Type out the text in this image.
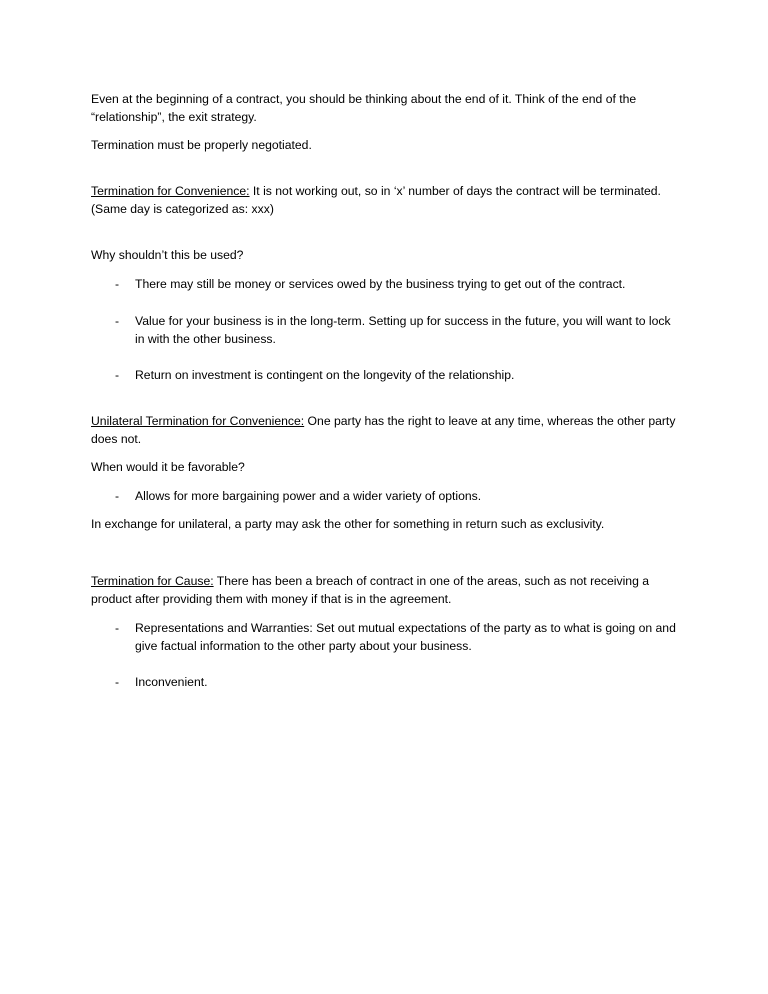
Even at the beginning of a contract, you should be thinking about the end of it. Think of the end of the “relationship”, the exit strategy.

Termination must be properly negotiated.

Termination for Convenience: It is not working out, so in ‘x’ number of days the contract will be terminated. (Same day is categorized as: xxx)

Why shouldn’t this be used?

- There may still be money or services owed by the business trying to get out of the contract.
- Value for your business is in the long-term. Setting up for success in the future, you will want to lock in with the other business.
- Return on investment is contingent on the longevity of the relationship.

Unilateral Termination for Convenience: One party has the right to leave at any time, whereas the other party does not.

When would it be favorable?

- Allows for more bargaining power and a wider variety of options.

In exchange for unilateral, a party may ask the other for something in return such as exclusivity.

Termination for Cause: There has been a breach of contract in one of the areas, such as not receiving a product after providing them with money if that is in the agreement.

- Representations and Warranties: Set out mutual expectations of the party as to what is going on and give factual information to the other party about your business.
- Inconvenient.
